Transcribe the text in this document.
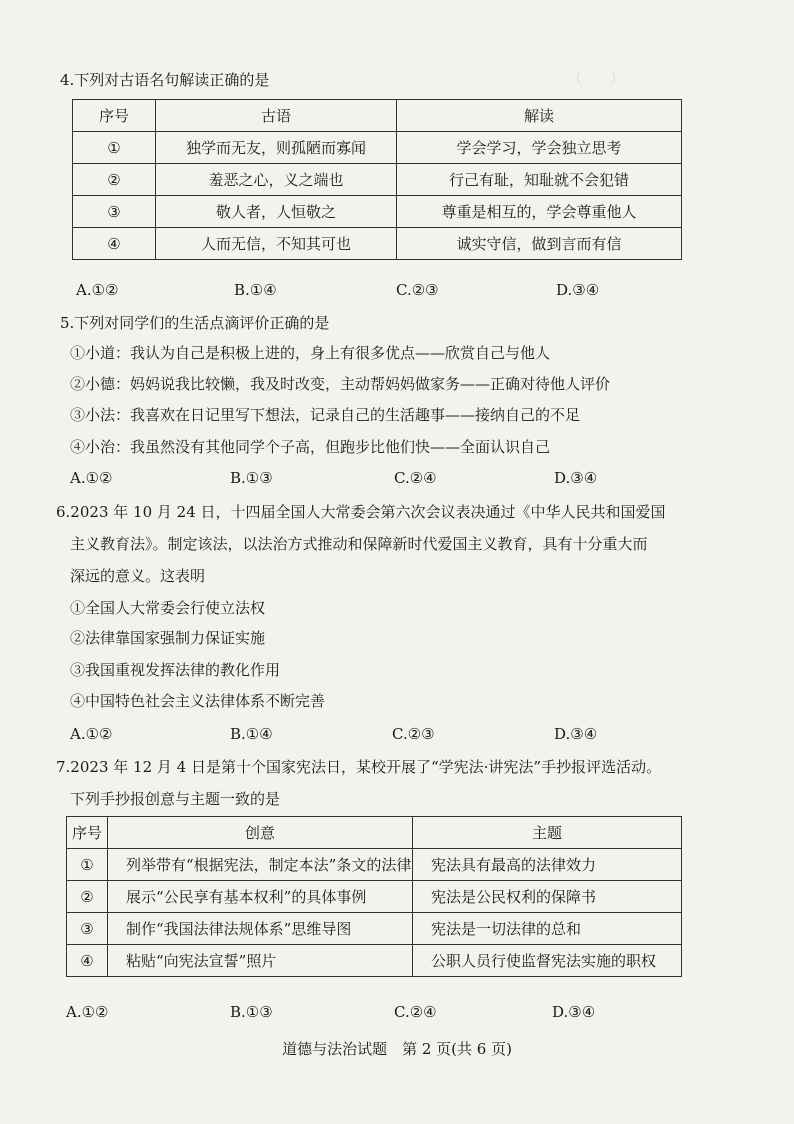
（　　）
4.下列对古语名句解读正确的是
序号	古语	解读
①	独学而无友，则孤陋而寡闻	学会学习，学会独立思考
②	羞恶之心，义之端也	行己有耻，知耻就不会犯错
③	敬人者，人恒敬之	尊重是相互的，学会尊重他人
④	人而无信，不知其可也	诚实守信，做到言而有信
A.①②	B.①④	C.②③	D.③④
5.下列对同学们的生活点滴评价正确的是
①小道：我认为自己是积极上进的，身上有很多优点——欣赏自己与他人
②小德：妈妈说我比较懒，我及时改变，主动帮妈妈做家务——正确对待他人评价
③小法：我喜欢在日记里写下想法，记录自己的生活趣事——接纳自己的不足
④小治：我虽然没有其他同学个子高，但跑步比他们快——全面认识自己
A.①②	B.①③	C.②④	D.③④
6.2023 年 10 月 24 日，十四届全国人大常委会第六次会议表决通过《中华人民共和国爱国
主义教育法》。制定该法，以法治方式推动和保障新时代爱国主义教育，具有十分重大而
深远的意义。这表明
①全国人大常委会行使立法权
②法律靠国家强制力保证实施
③我国重视发挥法律的教化作用
④中国特色社会主义法律体系不断完善
A.①②	B.①④	C.②③	D.③④
7.2023 年 12 月 4 日是第十个国家宪法日，某校开展了“学宪法·讲宪法”手抄报评选活动。
下列手抄报创意与主题一致的是
序号	创意	主题
①	列举带有“根据宪法，制定本法”条文的法律	宪法具有最高的法律效力
②	展示“公民享有基本权利”的具体事例	宪法是公民权利的保障书
③	制作“我国法律法规体系”思维导图	宪法是一切法律的总和
④	粘贴“向宪法宣誓”照片	公职人员行使监督宪法实施的职权
A.①②	B.①③	C.②④	D.③④
道德与法治试题　第 2 页(共 6 页)
